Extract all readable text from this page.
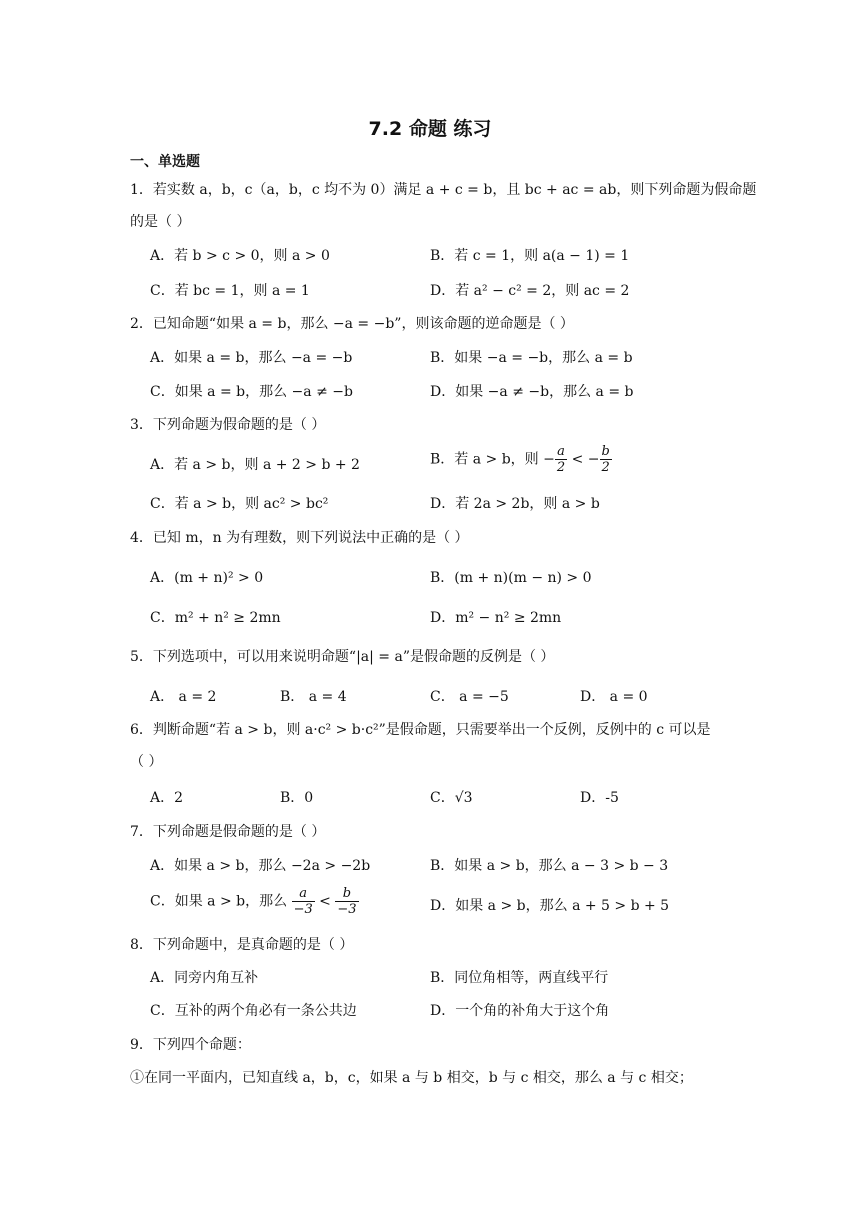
7.2 命题 练习
一、单选题
1．若实数 a，b，c（a，b，c 均不为 0）满足 a + c = b，且 bc + ac = ab，则下列命题为假命题
的是（ ）
A．若 b > c > 0，则 a > 0	B．若 c = 1，则 a(a − 1) = 1
C．若 bc = 1，则 a = 1	D．若 a² − c² = 2，则 ac = 2
2．已知命题“如果 a = b，那么 −a = −b”，则该命题的逆命题是（ ）
A．如果 a = b，那么 −a = −b	B．如果 −a = −b，那么 a = b
C．如果 a = b，那么 −a ≠ −b	D．如果 −a ≠ −b，那么 a = b
3．下列命题为假命题的是（ ）
A．若 a > b，则 a + 2 > b + 2	B．若 a > b，则 − $\frac{a}{2}$ < − $\frac{b}{2}$
C．若 a > b，则 ac² > bc²	D．若 2a > 2b，则 a > b
4．已知 m，n 为有理数，则下列说法中正确的是（ ）
A．(m + n)² > 0	B．(m + n)(m − n) > 0
C．m² + n² ≥ 2mn	D．m² − n² ≥ 2mn
5．下列选项中，可以用来说明命题“|a| = a”是假命题的反例是（ ）
A． a = 2	B． a = 4	C． a = −5	D． a = 0
6．判断命题“若 a > b，则 a·c² > b·c²”是假命题，只需要举出一个反例，反例中的 c 可以是
（ ）
A．2	B．0	C．√3	D．-5
7．下列命题是假命题的是（ ）
A．如果 a > b，那么 −2a > −2b	B．如果 a > b，那么 a − 3 > b − 3
C．如果 a > b，那么 $\frac{a}{-3} < \frac{b}{-3}$	D．如果 a > b，那么 a + 5 > b + 5
8．下列命题中，是真命题的是（ ）
A．同旁内角互补	B．同位角相等，两直线平行
C．互补的两个角必有一条公共边	D．一个角的补角大于这个角
9．下列四个命题：
①在同一平面内，已知直线 a，b，c，如果 a 与 b 相交，b 与 c 相交，那么 a 与 c 相交；
